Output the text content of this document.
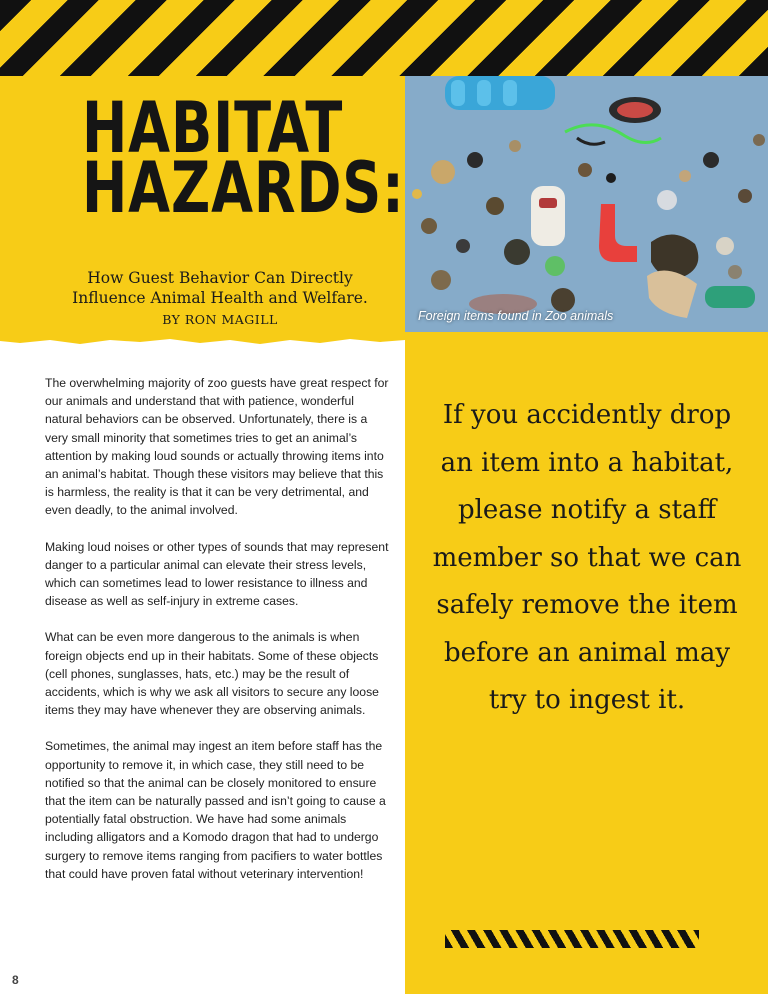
HABITAT
HAZARDS:
How Guest Behavior Can Directly
Influence Animal Health and Welfare.
BY RON MAGILL	Foreign items found in Zoo animals

The overwhelming majority of zoo guests have great respect for our animals and understand that with patience, wonderful natural behaviors can be observed. Unfortunately, there is a very small minority that sometimes tries to get an animal’s attention by making loud sounds or actually throwing items into an animal’s habitat. Though these visitors may believe that this is harmless, the reality is that it can be very detrimental, and even deadly, to the animal involved.

Making loud noises or other types of sounds that may represent danger to a particular animal can elevate their stress levels, which can sometimes lead to lower resistance to illness and disease as well as self-injury in extreme cases.

What can be even more dangerous to the animals is when foreign objects end up in their habitats. Some of these objects (cell phones, sunglasses, hats, etc.) may be the result of accidents, which is why we ask all visitors to secure any loose items they may have whenever they are observing animals.

Sometimes, the animal may ingest an item before staff has the opportunity to remove it, in which case, they still need to be notified so that the animal can be closely monitored to ensure that the item can be naturally passed and isn’t going to cause a potentially fatal obstruction. We have had some animals including alligators and a Komodo dragon that had to undergo surgery to remove items ranging from pacifiers to water bottles that could have proven fatal without veterinary intervention!

If you accidently drop an item into a habitat, please notify a staff member so that we can safely remove the item before an animal may try to ingest it.
8
